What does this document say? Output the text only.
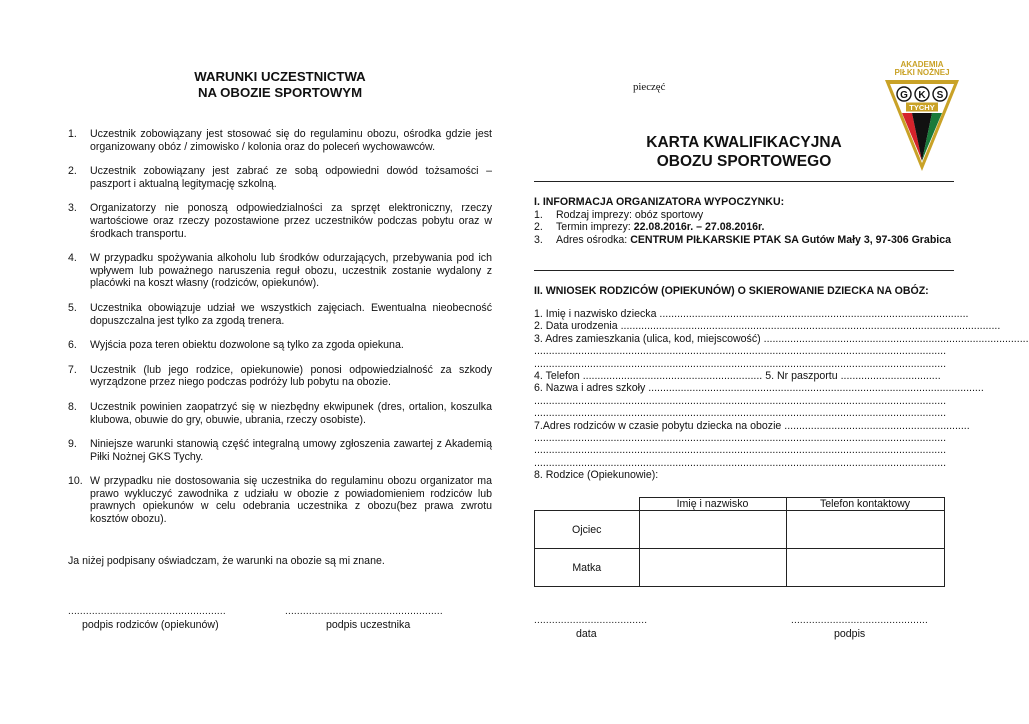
WARUNKI UCZESTNICTWA
NA OBOZIE SPORTOWYM
1. Uczestnik zobowiązany jest stosować się do regulaminu obozu, ośrodka gdzie jest organizowany obóz / zimowisko / kolonia oraz do poleceń wychowawców.
2. Uczestnik zobowiązany jest zabrać ze sobą odpowiedni dowód tożsamości – paszport i aktualną legitymację szkolną.
3. Organizatorzy nie ponoszą odpowiedzialności za sprzęt elektroniczny, rzeczy wartościowe oraz rzeczy pozostawione przez uczestników podczas pobytu oraz w środkach transportu.
4. W przypadku spożywania alkoholu lub środków odurzających, przebywania pod ich wpływem lub poważnego naruszenia reguł obozu, uczestnik zostanie wydalony z placówki na koszt własny (rodziców, opiekunów).
5. Uczestnika obowiązuje udział we wszystkich zajęciach. Ewentualna nieobecność dopuszczalna jest tylko za zgodą trenera.
6. Wyjścia poza teren obiektu dozwolone są tylko za zgoda opiekuna.
7. Uczestnik (lub jego rodzice, opiekunowie) ponosi odpowiedzialność za szkody wyrządzone przez niego podczas podróży lub pobytu na obozie.
8. Uczestnik powinien zaopatrzyć się w niezbędny ekwipunek (dres, ortalion, koszulka klubowa, obuwie do gry, obuwie, ubrania, rzeczy osobiste).
9. Niniejsze warunki stanowią część integralną umowy zgłoszenia zawartej z Akademią Piłki Nożnej GKS Tychy.
10. W przypadku nie dostosowania się uczestnika do regulaminu obozu organizator ma prawo wykluczyć zawodnika z udziału w obozie z powiadomieniem rodziców lub prawnych opiekunów w celu odebrania uczestnika z obozu(bez prawa zwrotu kosztów obozu).
Ja niżej podpisany oświadczam, że warunki na obozie są mi znane.
.....................................................
podpis rodziców (opiekunów)
.....................................................
podpis uczestnika
pieczęć
AKADEMIA
PIŁKI NOŻNEJ
G K S
TYCHY
KARTA KWALIFIKACYJNA
OBOZU SPORTOWEGO
I. INFORMACJA ORGANIZATORA WYPOCZYNKU:
1. Rodzaj imprezy: obóz sportowy
2. Termin imprezy: 22.08.2016r. – 27.08.2016r.
3. Adres ośrodka: CENTRUM PIŁKARSKIE PTAK SA Gutów Mały 3, 97-306 Grabica
II. WNIOSEK RODZICÓW (OPIEKUNÓW) O SKIEROWANIE DZIECKA NA OBÓZ:
1. Imię i nazwisko dziecka .........................................................................................................
2. Data urodzenia .................................................................................................................................
3. Adres zamieszkania (ulica, kod, miejscowość) ..........................................................................................
............................................................................................................................................
............................................................................................................................................
4. Telefon ............................................................. 5. Nr paszportu ..................................
6. Nazwa i adres szkoły ..................................................................................................................
............................................................................................................................................
............................................................................................................................................
7.Adres rodziców w czasie pobytu dziecka na obozie ...............................................................
............................................................................................................................................
............................................................................................................................................
............................................................................................................................................
8. Rodzice (Opiekunowie):
	Imię i nazwisko	Telefon kontaktowy
Ojciec		
Matka		
......................................
data
..............................................
podpis
